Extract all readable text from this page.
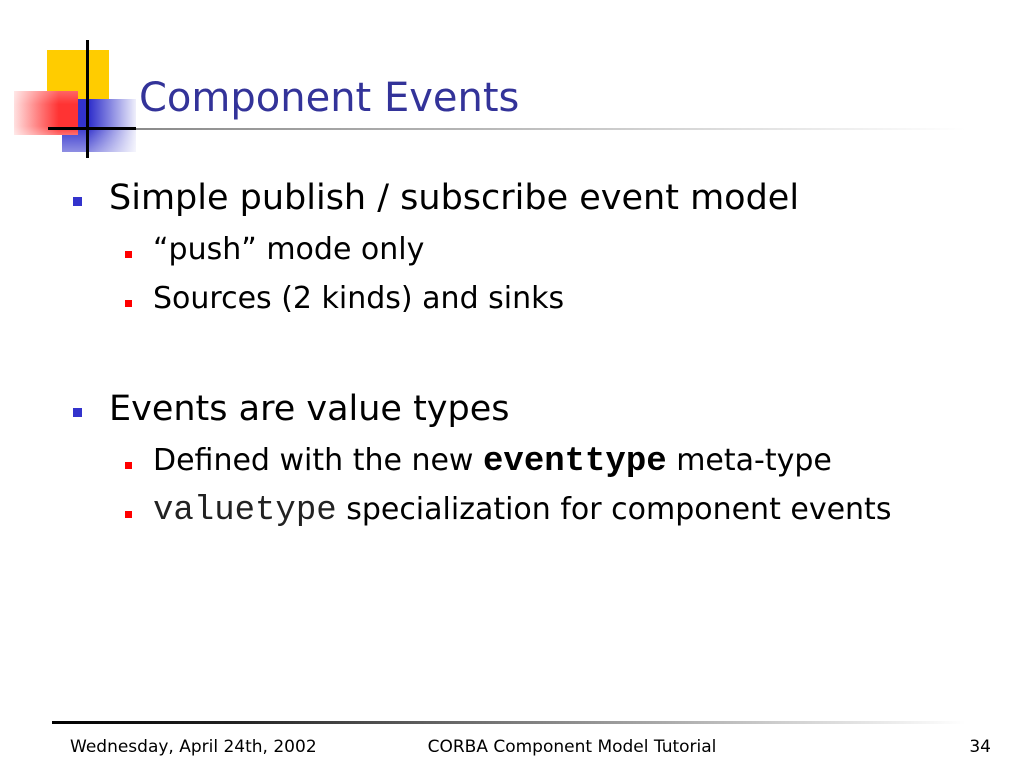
Component Events
Simple publish / subscribe event model
“push” mode only
Sources (2 kinds) and sinks
Events are value types
Defined with the new eventtype meta-type
valuetype specialization for component events
Wednesday, April 24th, 2002	CORBA Component Model Tutorial	34
